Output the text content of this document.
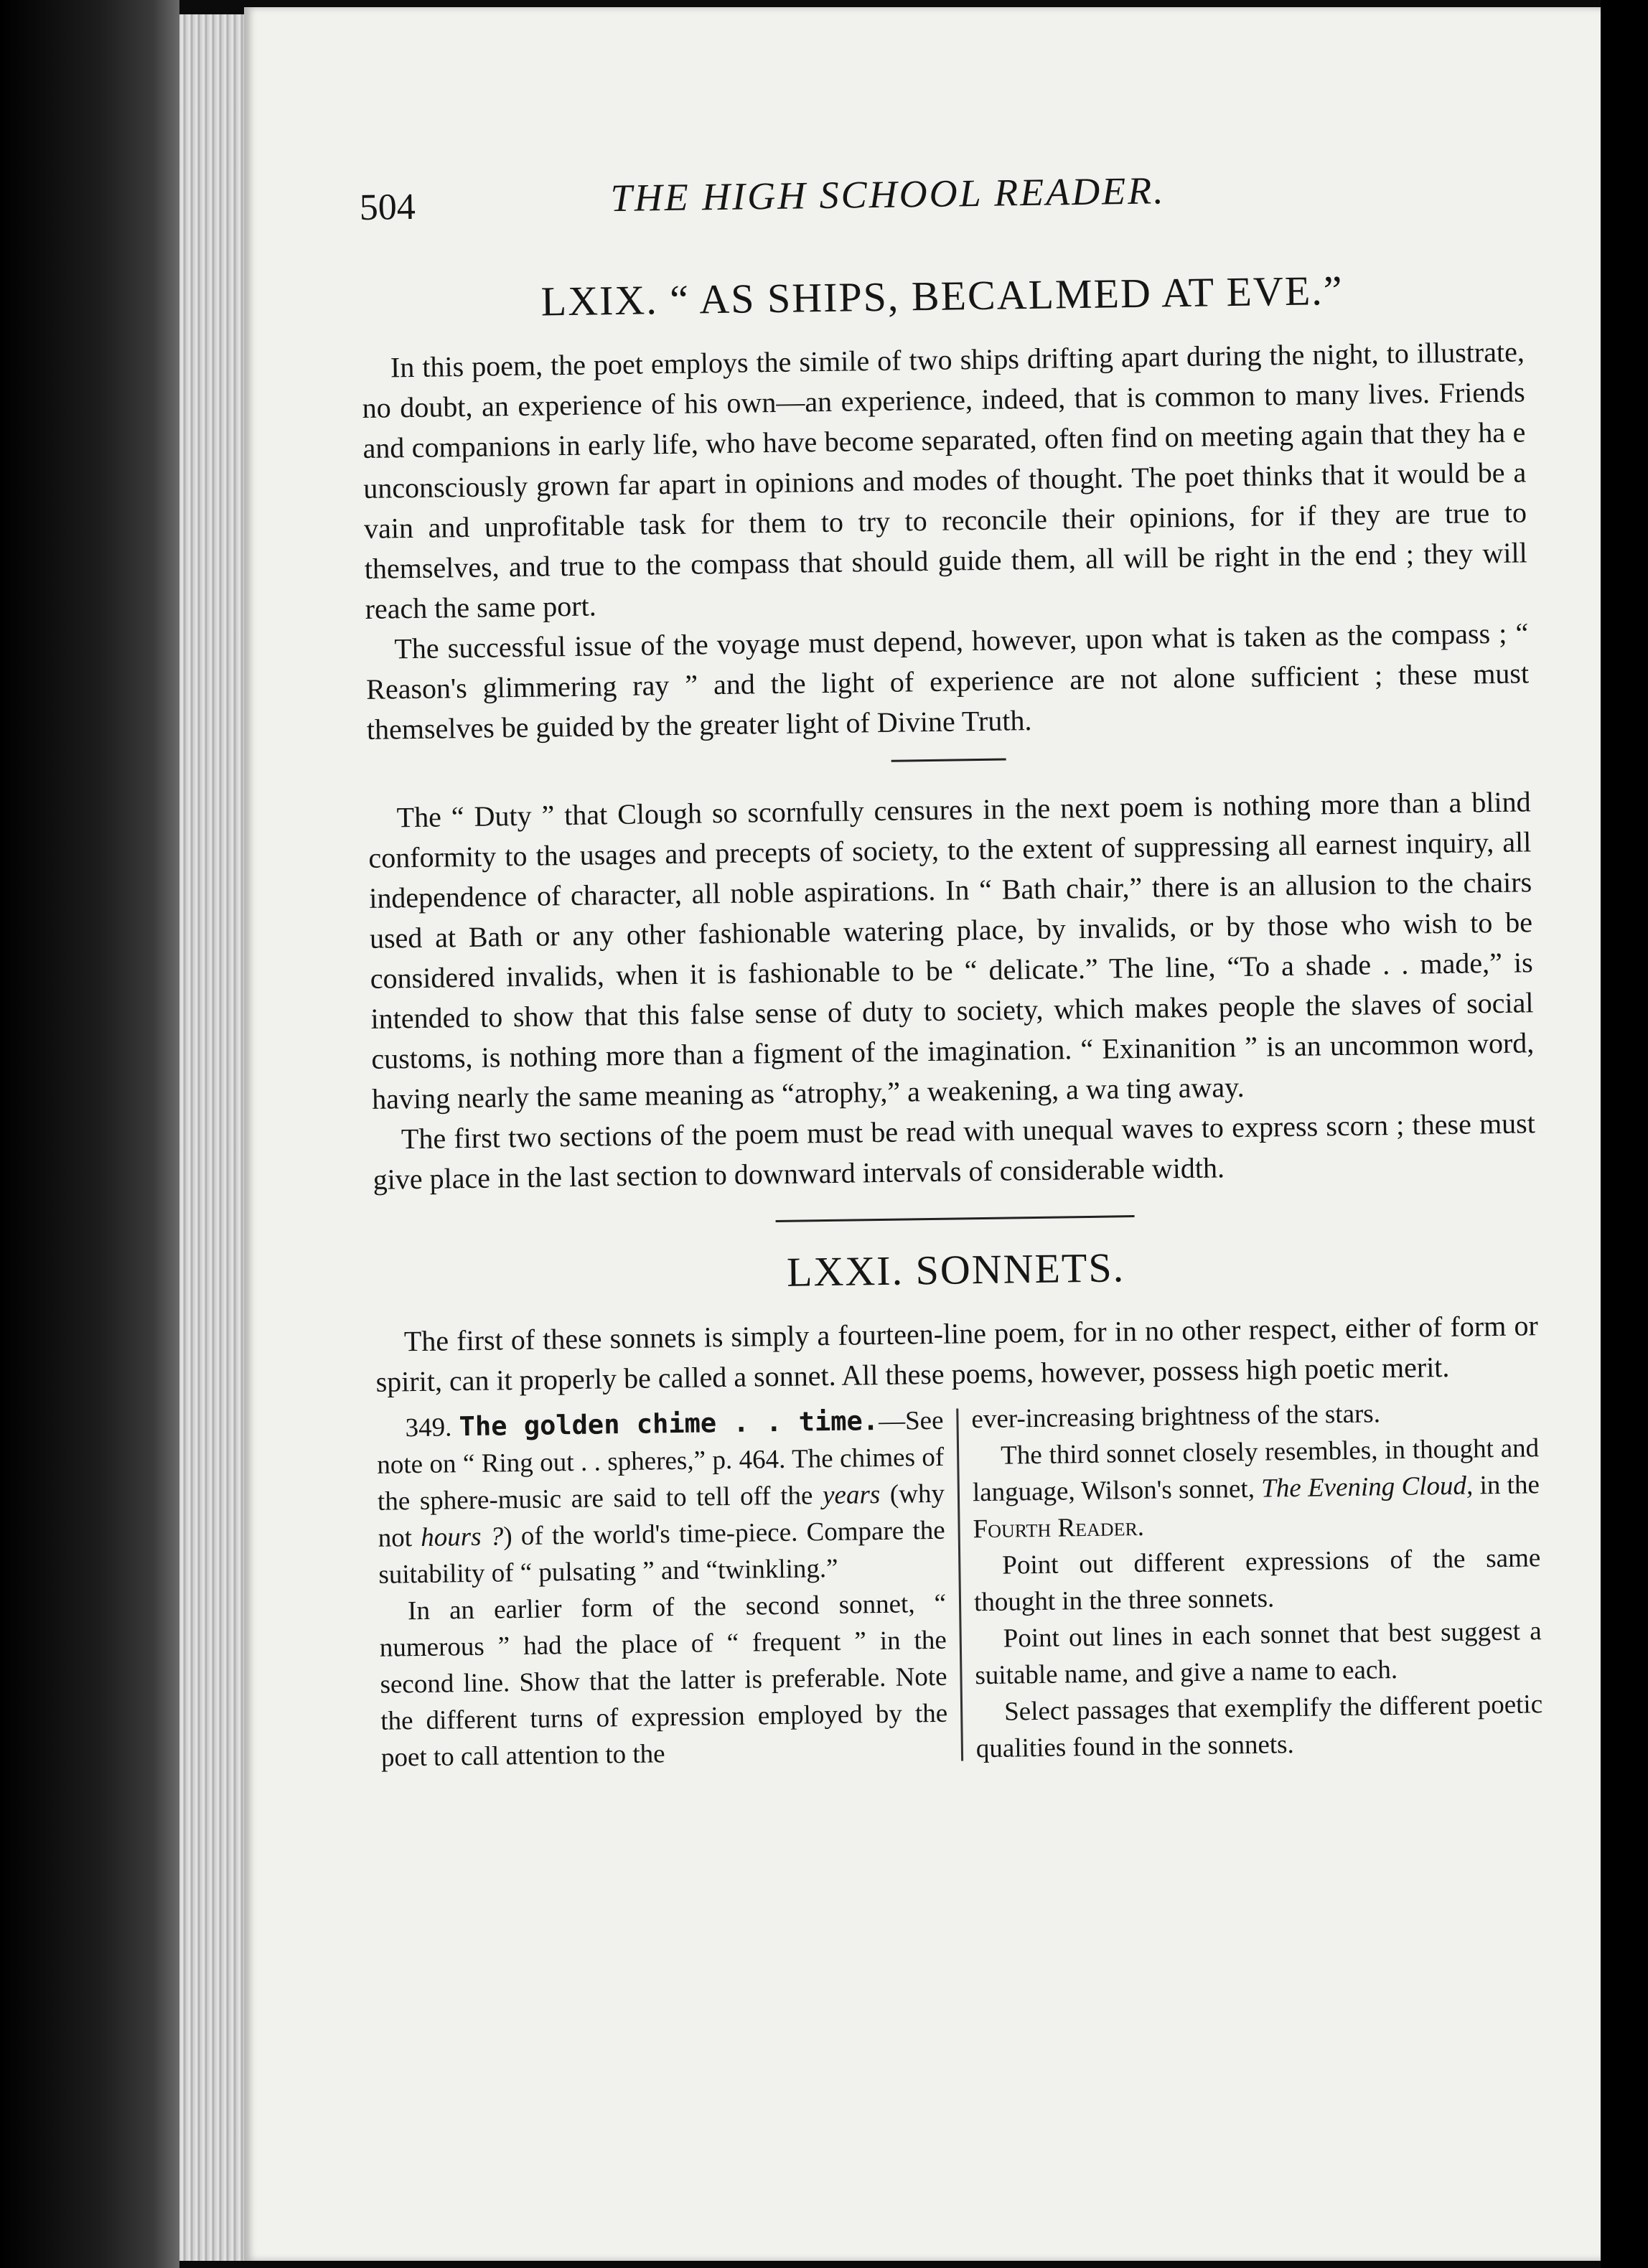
504	THE HIGH SCHOOL READER.
LXIX. “ AS SHIPS, BECALMED AT EVE.”

In this poem, the poet employs the simile of two ships drifting apart during the night, to illustrate, no doubt, an experience of his own—an experience, indeed, that is common to many lives. Friends and companions in early life, who have become separated, often find on meeting again that they ha e unconsciously grown far apart in opinions and modes of thought. The poet thinks that it would be a vain and unprofitable task for them to try to reconcile their opinions, for if they are true to themselves, and true to the compass that should guide them, all will be right in the end ; they will reach the same port.

The successful issue of the voyage must depend, however, upon what is taken as the compass ; “ Reason's glimmering ray ” and the light of experience are not alone sufficient ; these must themselves be guided by the greater light of Divine Truth.

The “ Duty ” that Clough so scornfully censures in the next poem is nothing more than a blind conformity to the usages and precepts of society, to the extent of suppressing all earnest inquiry, all independence of character, all noble aspirations. In “ Bath chair,” there is an allusion to the chairs used at Bath or any other fashionable watering place, by invalids, or by those who wish to be considered invalids, when it is fashionable to be “ delicate.” The line, “To a shade . . made,” is intended to show that this false sense of duty to society, which makes people the slaves of social customs, is nothing more than a figment of the imagination. “ Exinanition ” is an uncommon word, having nearly the same meaning as “atrophy,” a weakening, a wa ting away.

The first two sections of the poem must be read with unequal waves to express scorn ; these must give place in the last section to downward intervals of considerable width.

LXXI. SONNETS.

The first of these sonnets is simply a fourteen-line poem, for in no other respect, either of form or spirit, can it properly be called a sonnet. All these poems, however, possess high poetic merit.

349. The golden chime . . time.—See note on “ Ring out . . spheres,” p. 464. The chimes of the sphere-music are said to tell off the years (why not hours ?) of the world's time-piece. Compare the suitability of “ pulsating ” and “twinkling.”

In an earlier form of the second sonnet, “ numerous ” had the place of “ frequent ” in the second line. Show that the latter is preferable. Note the different turns of expression employed by the poet to call attention to the

ever-increasing brightness of the stars.

The third sonnet closely resembles, in thought and language, Wilson's sonnet, The Evening Cloud, in the Fourth Reader.

Point out different expressions of the same thought in the three sonnets.

Point out lines in each sonnet that best suggest a suitable name, and give a name to each.

Select passages that exemplify the different poetic qualities found in the sonnets.
